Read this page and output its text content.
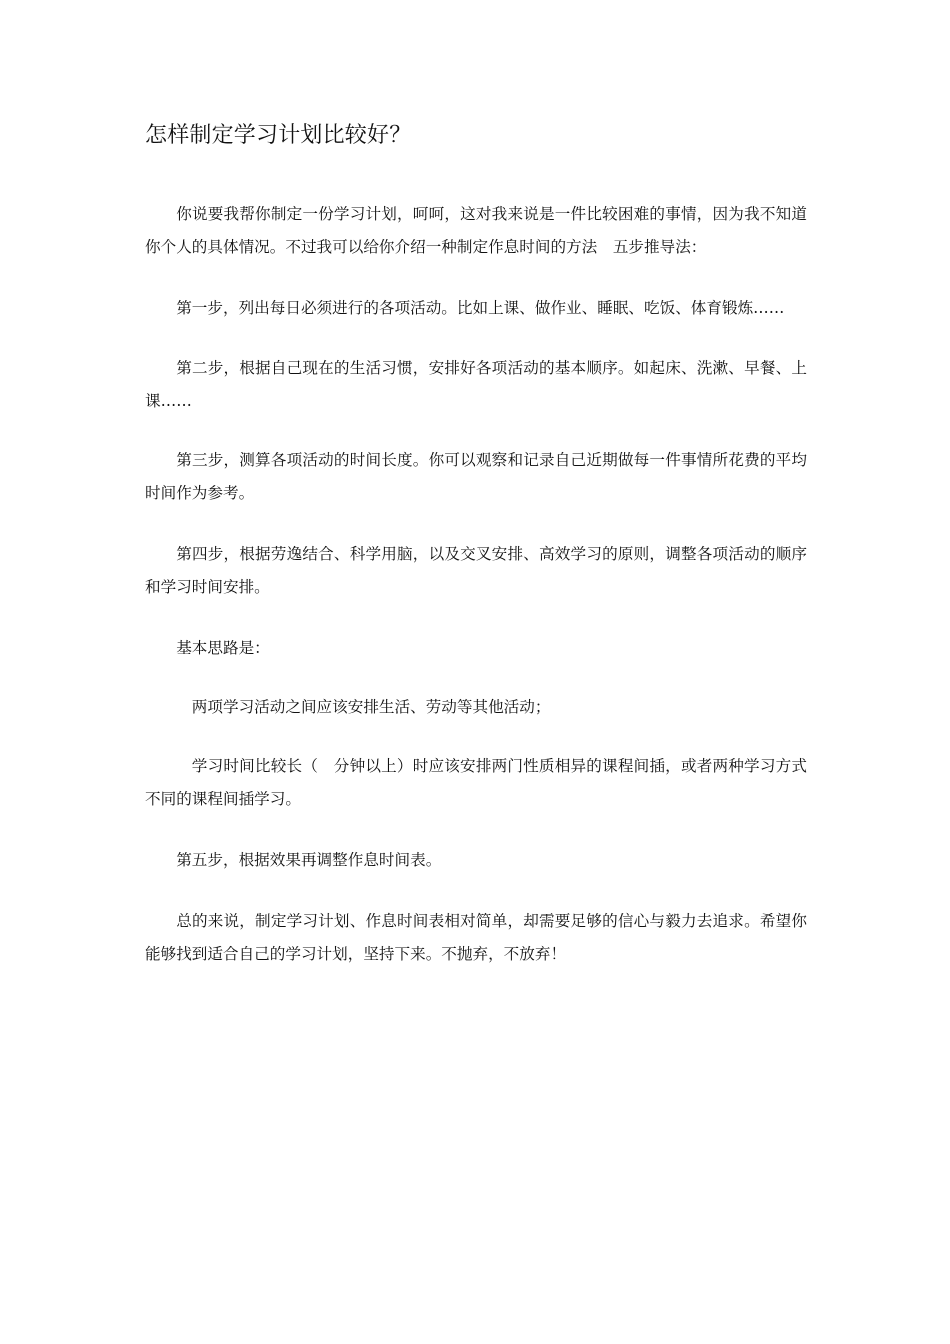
怎样制定学习计划比较好？

你说要我帮你制定一份学习计划，呵呵，这对我来说是一件比较困难的事情，因为我不知道你个人的具体情况。不过我可以给你介绍一种制定作息时间的方法　五步推导法：

第一步，列出每日必须进行的各项活动。比如上课、做作业、睡眠、吃饭、体育锻炼……

第二步，根据自己现在的生活习惯，安排好各项活动的基本顺序。如起床、洗漱、早餐、上课……

第三步，测算各项活动的时间长度。你可以观察和记录自己近期做每一件事情所花费的平均时间作为参考。

第四步，根据劳逸结合、科学用脑，以及交叉安排、高效学习的原则，调整各项活动的顺序和学习时间安排。

基本思路是：

两项学习活动之间应该安排生活、劳动等其他活动；

学习时间比较长（　分钟以上）时应该安排两门性质相异的课程间插，或者两种学习方式不同的课程间插学习。

第五步，根据效果再调整作息时间表。

总的来说，制定学习计划、作息时间表相对简单，却需要足够的信心与毅力去追求。希望你能够找到适合自己的学习计划，坚持下来。不抛弃，不放弃！
